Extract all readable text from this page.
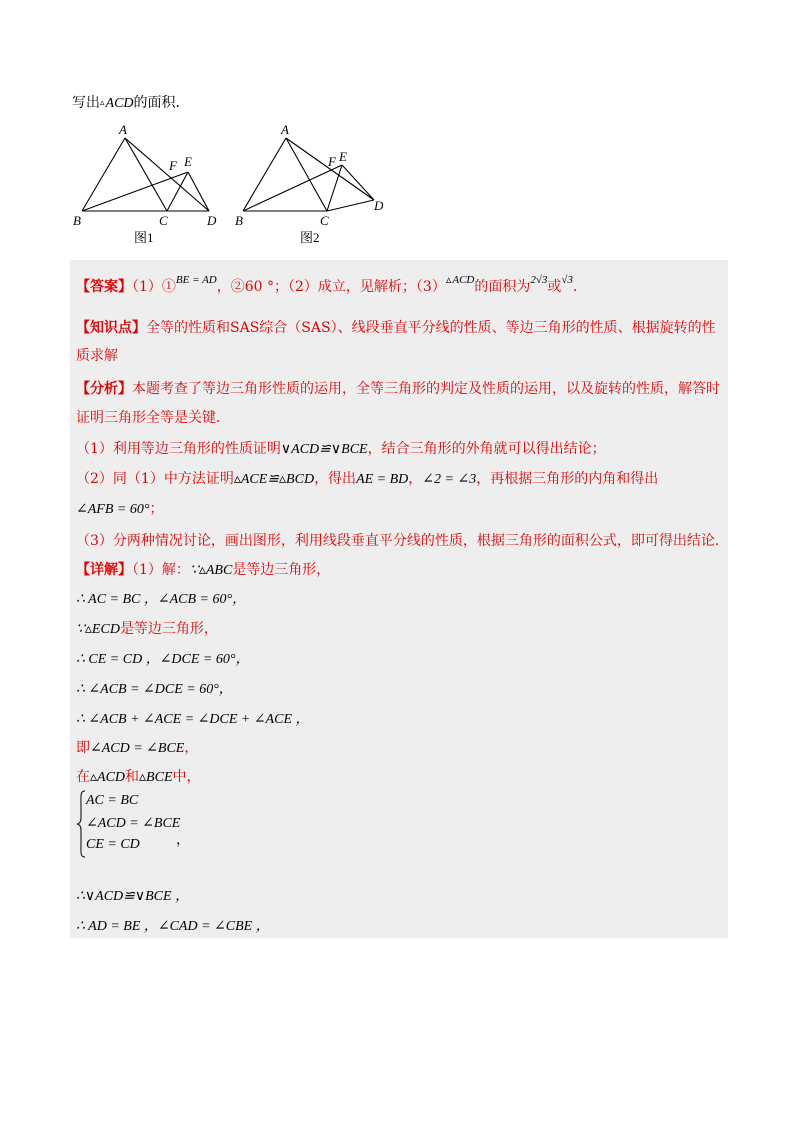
写出▵ACD的面积．
A
F E
B	C	D
图1
A
F E
B	C
D
图2
【答案】（1）①$^{BE = AD}$，②60 °；（2）成立，见解析；$(3)^{▵ACD}$的面积为$^{2√3}$或$^{√3}$．
【知识点】全等的性质和SAS综合（SAS）、线段垂直平分线的性质、等边三角形的性质、根据旋转的性
质求解
【分析】本题考查了等边三角形性质的运用，全等三角形的判定及性质的运用，以及旋转的性质，解答时
证明三角形全等是关键．
（1）利用等边三角形的性质证明∨ACD≌∨BCE，结合三角形的外角就可以得出结论；
（2）同（1）中方法证明▵ACE≌▵BCD，得出AE = BD，∠2 = ∠3，再根据三角形的内角和得出
∠AFB = 60°；
（3）分两种情况讨论，画出图形，利用线段垂直平分线的性质，根据三角形的面积公式，即可得出结论．
【详解】（1）解：∵▵ABC是等边三角形，
∴ AC = BC ，∠ACB = 60°，
∵▵ECD是等边三角形，
∴ CE = CD ，∠DCE = 60°，
∴ ∠ACB = ∠DCE = 60°，
∴ ∠ACB + ∠ACE = ∠DCE + ∠ACE ，
即∠ACD = ∠BCE，
在▵ACD和▵BCE中，
AC = BC
∠ACD = ∠BCE
CE = CD	，
∴∨ACD≌∨BCE ，
∴ AD = BE ，∠CAD = ∠CBE ，
